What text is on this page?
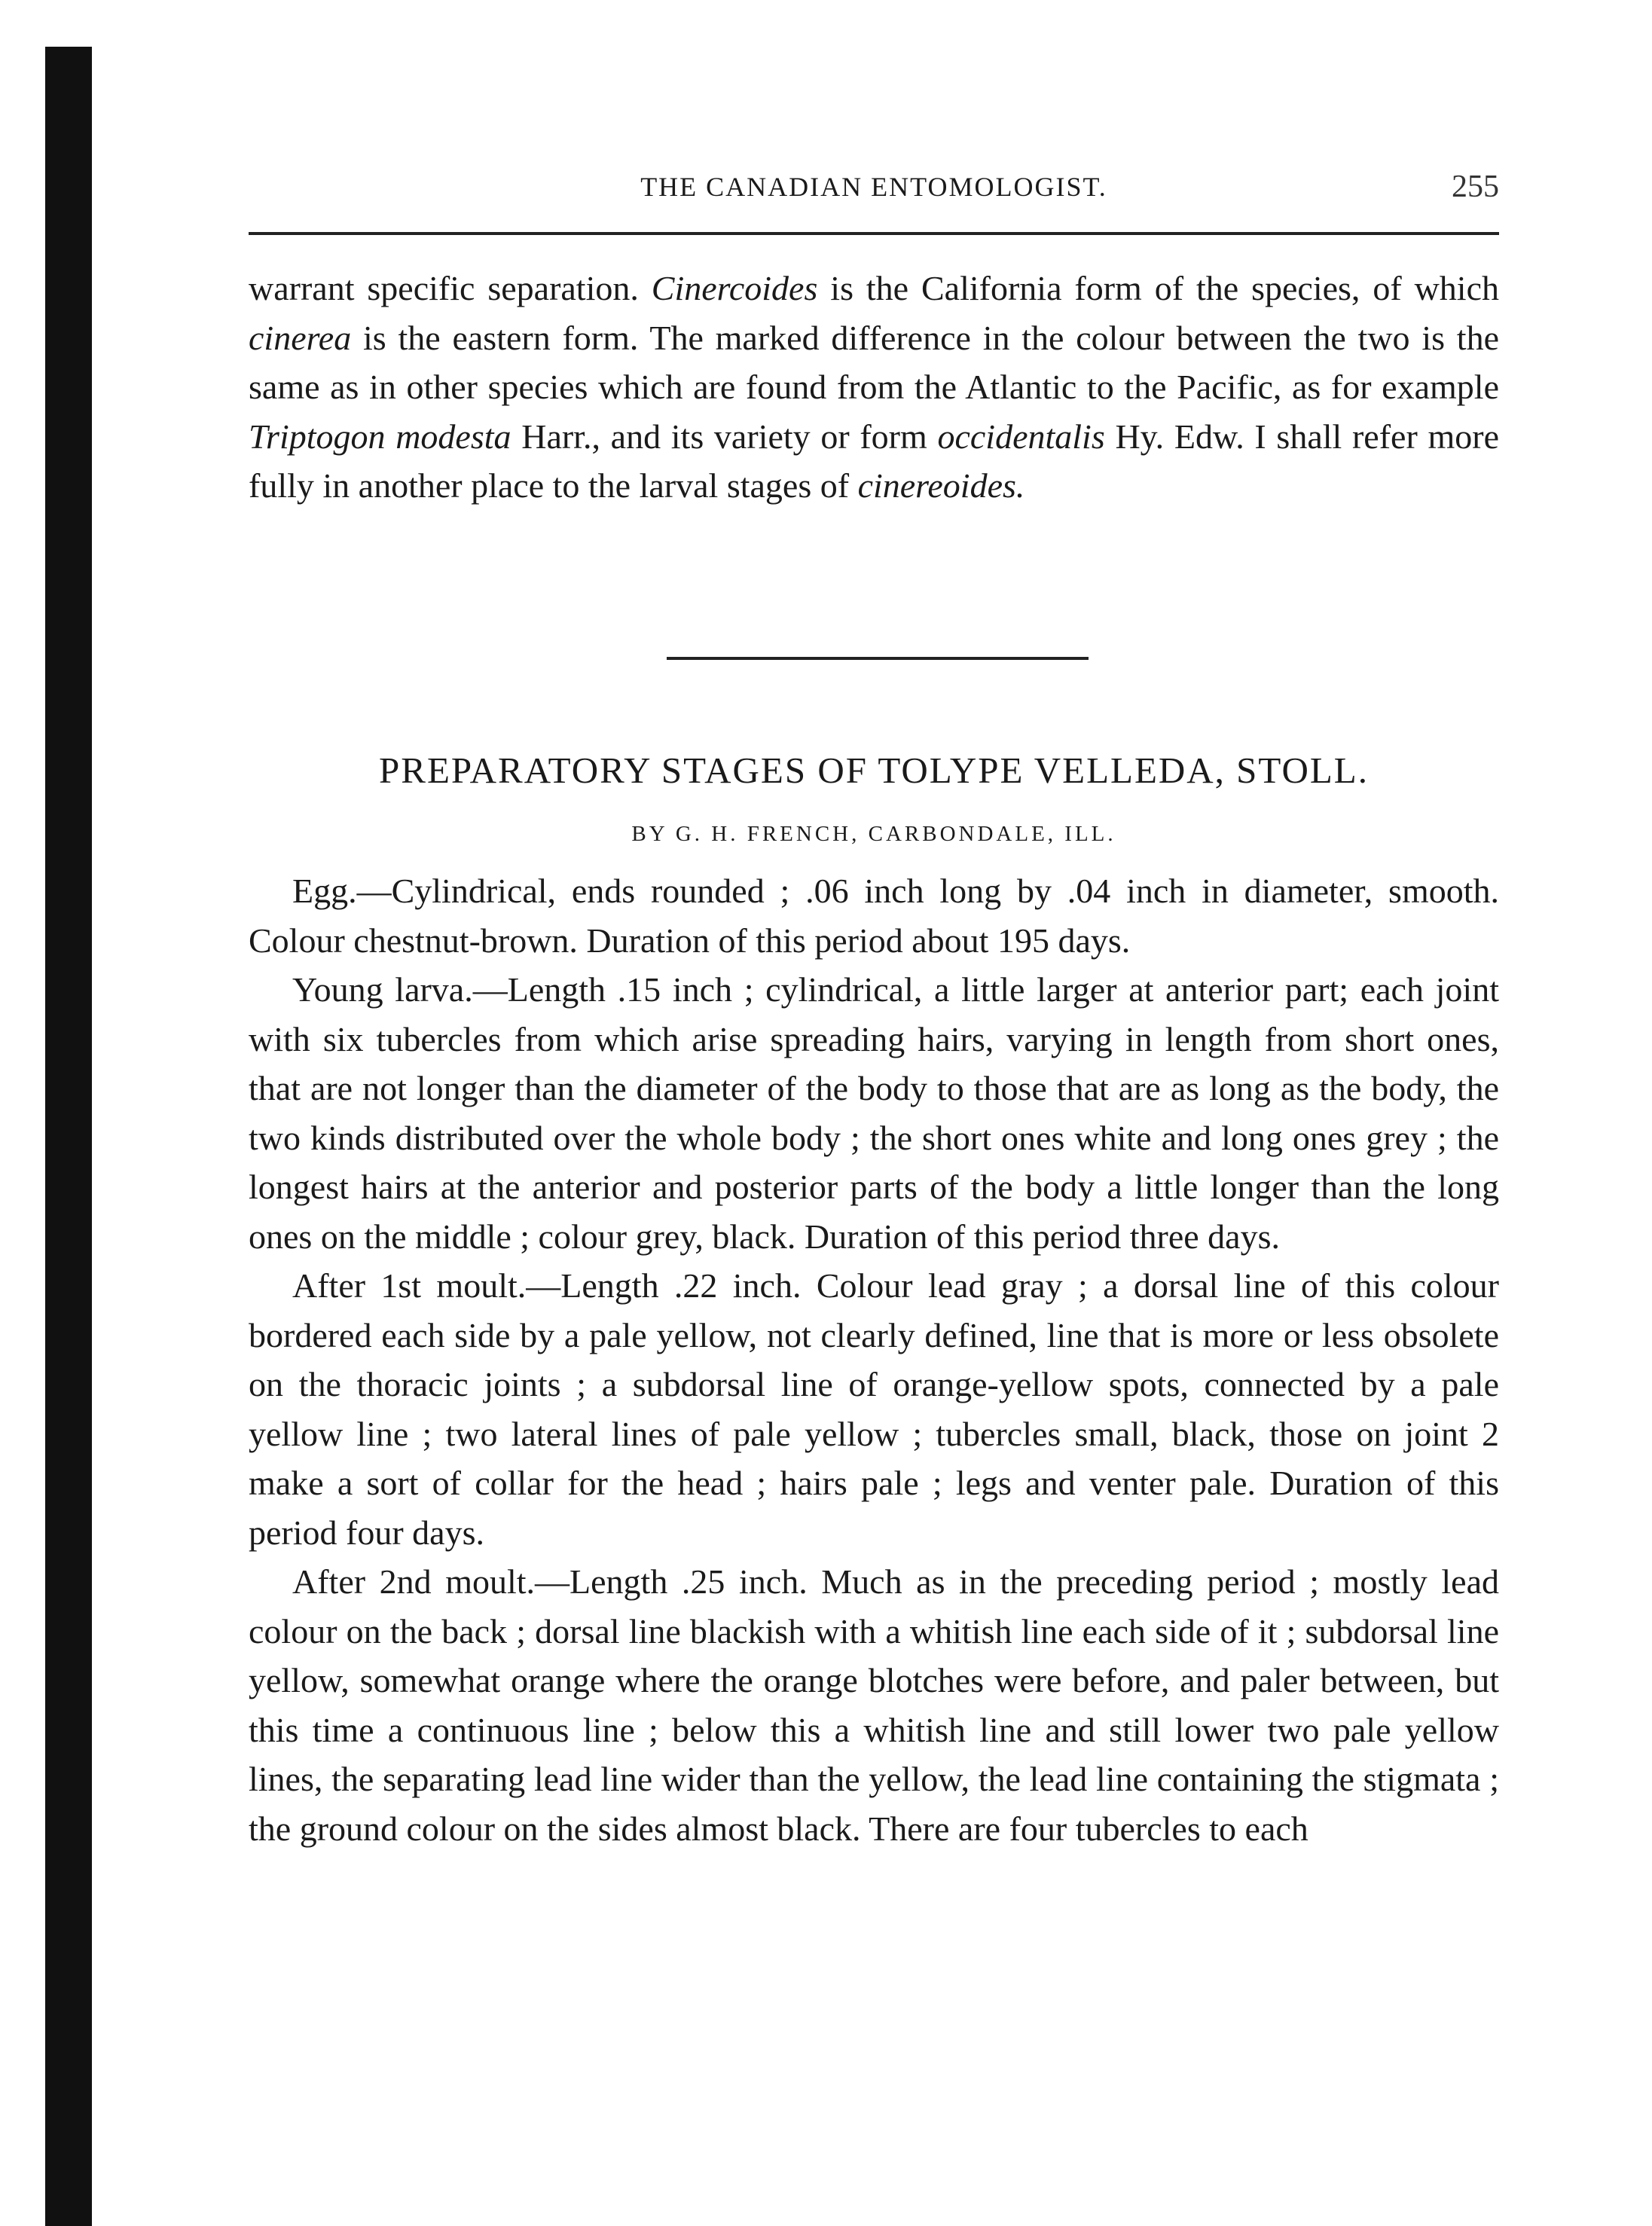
THE CANADIAN ENTOMOLOGIST.	255

warrant specific separation. Cinercoides is the California form of the species, of which cinerea is the eastern form. The marked difference in the colour between the two is the same as in other species which are found from the Atlantic to the Pacific, as for example Triptogon modesta Harr., and its variety or form occidentalis Hy. Edw. I shall refer more fully in another place to the larval stages of cinereoides.

PREPARATORY STAGES OF TOLYPE VELLEDA, STOLL.
BY G. H. FRENCH, CARBONDALE, ILL.

Egg.—Cylindrical, ends rounded ; .06 inch long by .04 inch in diameter, smooth. Colour chestnut-brown. Duration of this period about 195 days.

Young larva.—Length .15 inch ; cylindrical, a little larger at anterior part; each joint with six tubercles from which arise spreading hairs, varying in length from short ones, that are not longer than the diameter of the body to those that are as long as the body, the two kinds distributed over the whole body ; the short ones white and long ones grey ; the longest hairs at the anterior and posterior parts of the body a little longer than the long ones on the middle ; colour grey, black. Duration of this period three days.

After 1st moult.—Length .22 inch. Colour lead gray ; a dorsal line of this colour bordered each side by a pale yellow, not clearly defined, line that is more or less obsolete on the thoracic joints ; a subdorsal line of orange-yellow spots, connected by a pale yellow line ; two lateral lines of pale yellow ; tubercles small, black, those on joint 2 make a sort of collar for the head ; hairs pale ; legs and venter pale. Duration of this period four days.

After 2nd moult.—Length .25 inch. Much as in the preceding period ; mostly lead colour on the back ; dorsal line blackish with a whitish line each side of it ; subdorsal line yellow, somewhat orange where the orange blotches were before, and paler between, but this time a continuous line ; below this a whitish line and still lower two pale yellow lines, the separating lead line wider than the yellow, the lead line containing the stigmata ; the ground colour on the sides almost black. There are four tubercles to each
